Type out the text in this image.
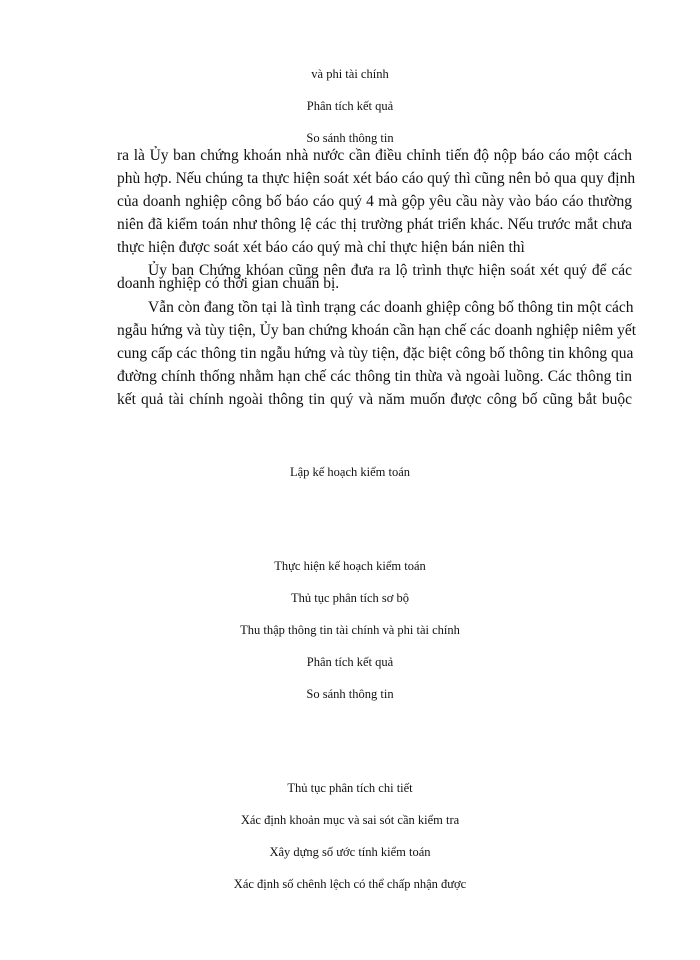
và phi tài chính
Phân tích kết quả
So sánh thông tin
ra là Ủy ban chứng khoán nhà nước cần điều chỉnh tiến độ nộp báo cáo một cách
phù hợp. Nếu chúng ta thực hiện soát xét báo cáo quý thì cũng nên bỏ qua quy định
của doanh nghiệp công bố báo cáo quý 4 mà gộp yêu cầu này vào báo cáo thường
niên đã kiểm toán như thông lệ các thị trường phát triển khác. Nếu trước mắt chưa
thực hiện được soát xét báo cáo quý mà chỉ thực hiện bán niên thì
Ủy ban Chứng khóan cũng nên đưa ra lộ trình thực hiện soát xét quý để các
doanh nghiệp có thời gian chuẩn bị.
Vẫn còn đang tồn tại là tình trạng các doanh ghiệp công bố thông tin một cách
ngẫu hứng và tùy tiện, Ủy ban chứng khoán cần hạn chế các doanh nghiệp niêm yết
cung cấp các thông tin ngẫu hứng và tùy tiện, đặc biệt công bố thông tin không qua
đường chính thống nhằm hạn chế các thông tin thừa và ngoài luồng. Các thông tin
kết quả tài chính ngoài thông tin quý và năm muốn được công bố cũng bắt buộc
Lập kế hoạch kiểm toán
Thực hiện kế hoạch kiểm toán
Thủ tục phân tích sơ bộ
Thu thập thông tin tài chính và phi tài chính
Phân tích kết quả
So sánh thông tin
Thủ tục phân tích chi tiết
Xác định khoản mục và sai sót cần kiểm tra
Xây dựng số ước tính kiểm toán
Xác định số chênh lệch có thể chấp nhận được
